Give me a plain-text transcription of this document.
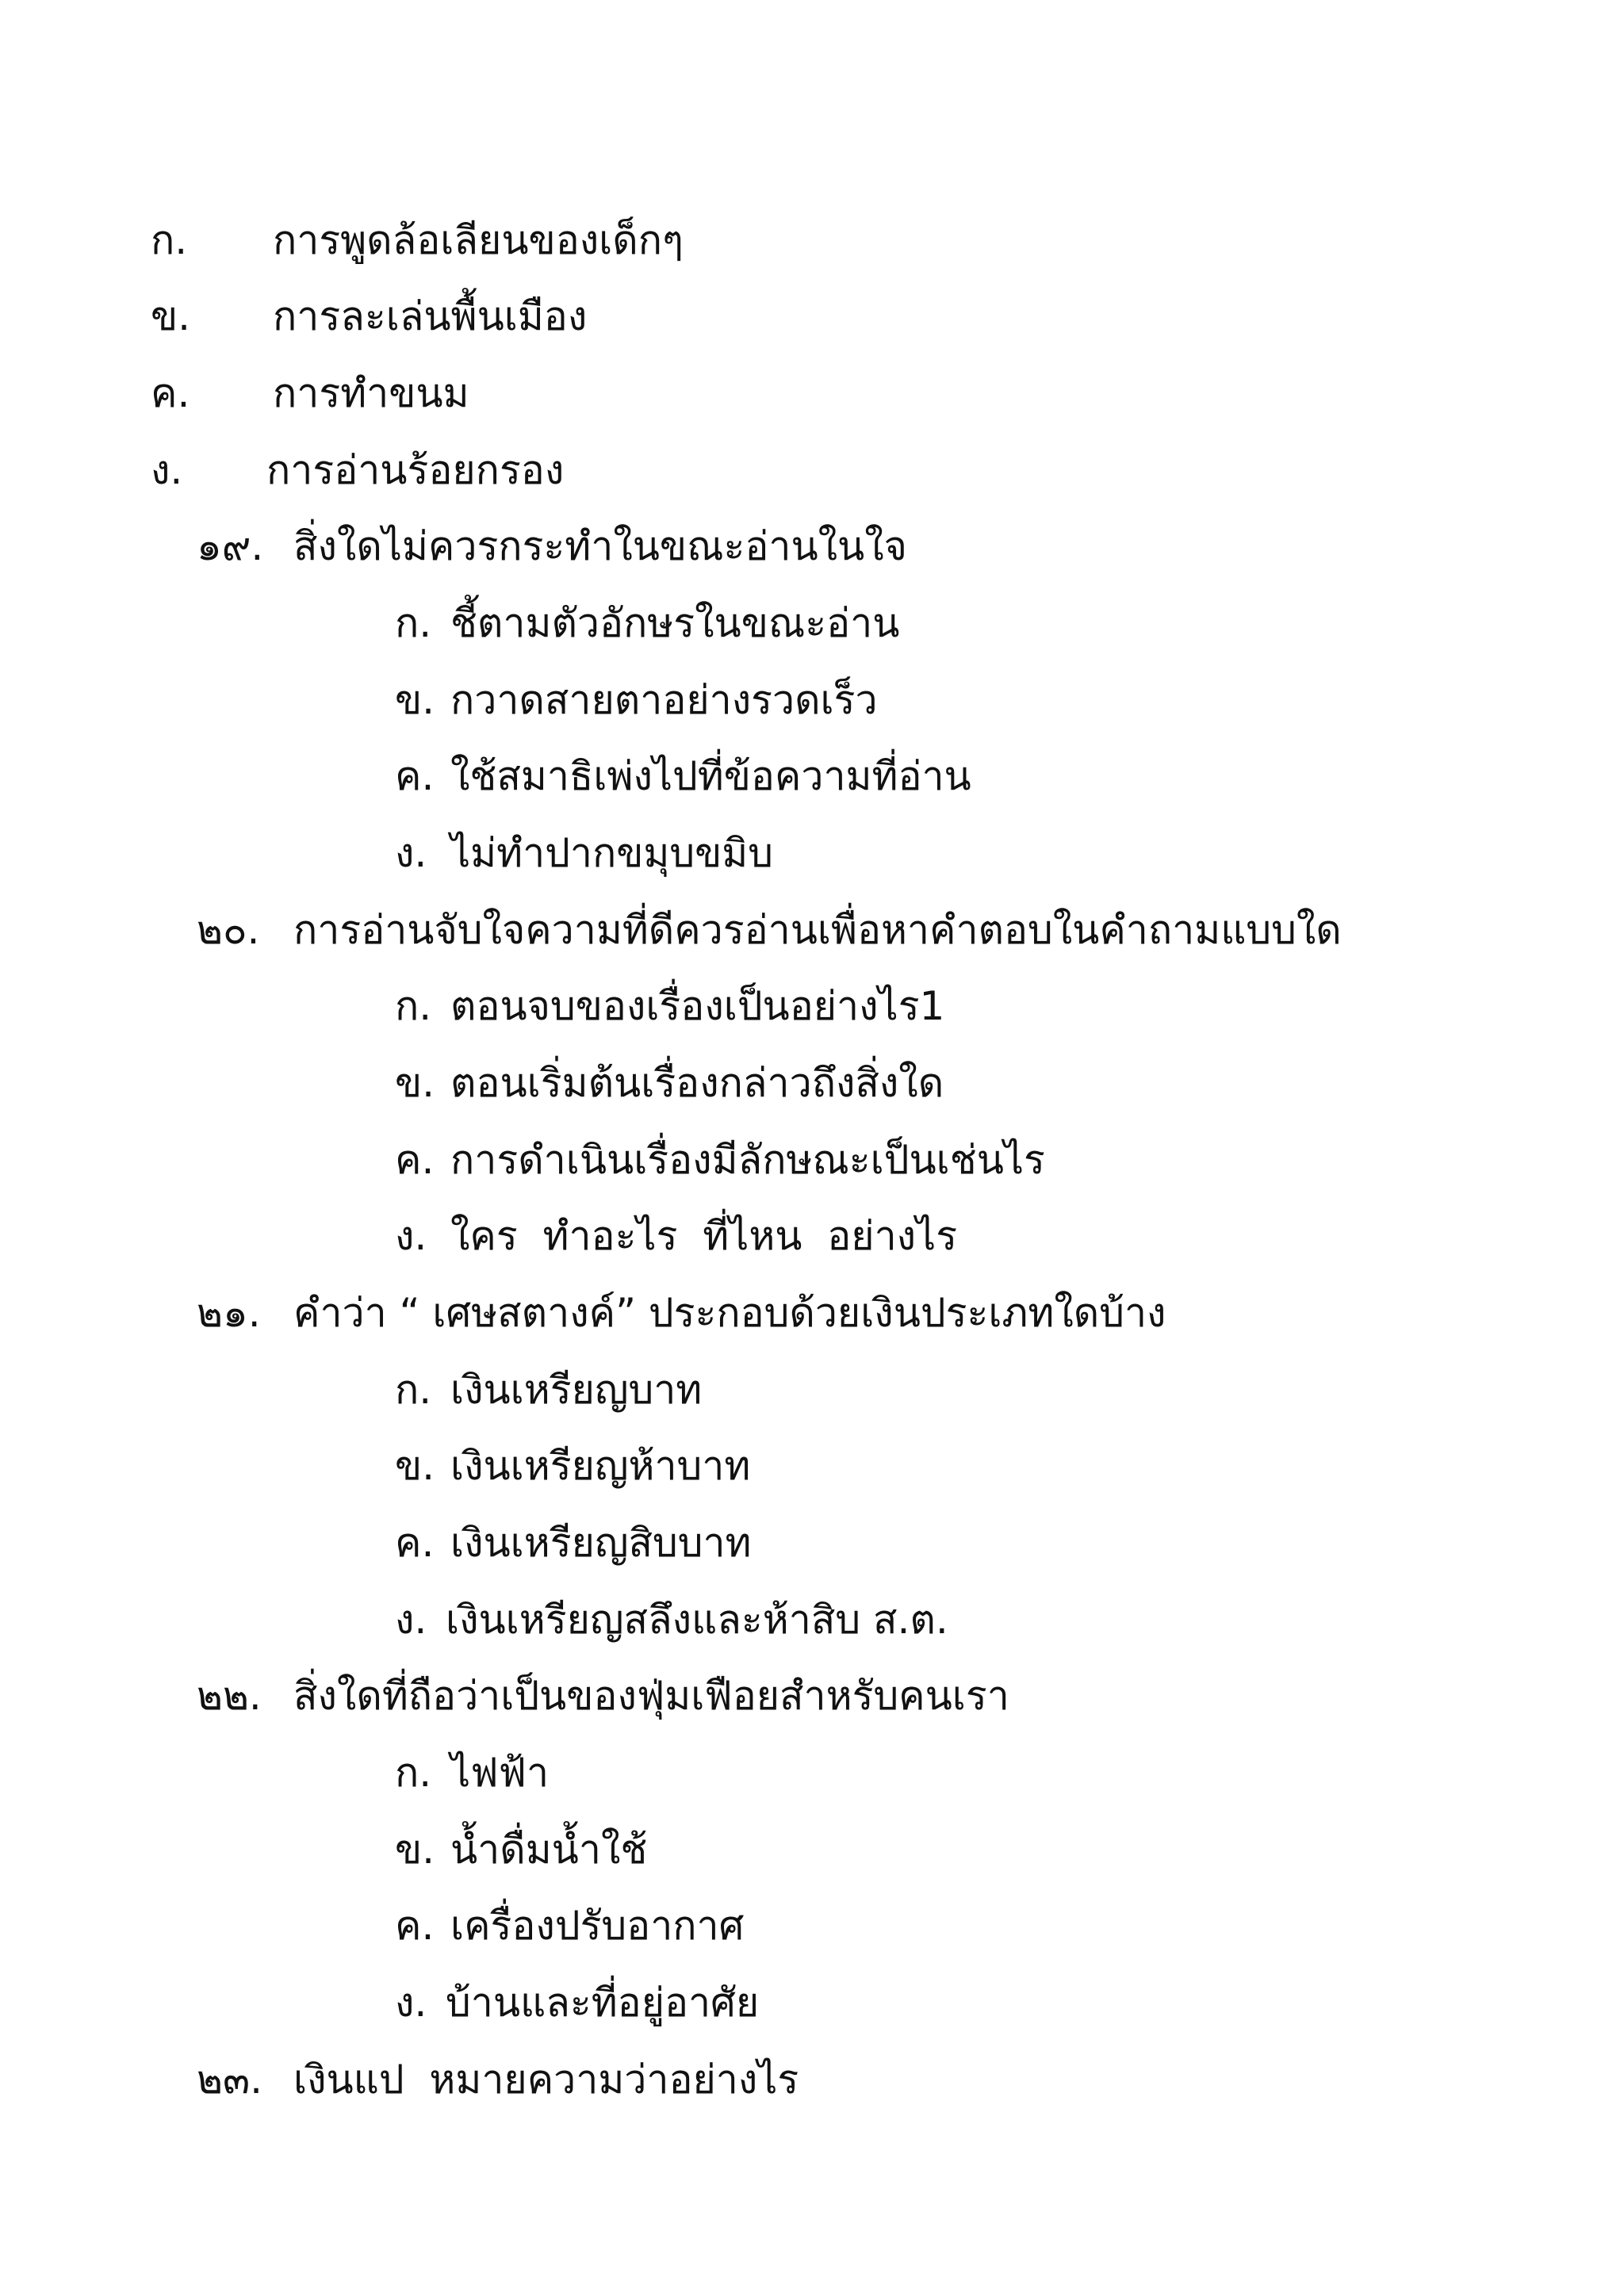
ก. การพูดล้อเลียนของเด็กๆ
ข. การละเล่นพื้นเมือง
ค. การทำขนม
ง. การอ่านร้อยกรอง
๑๙. สิ่งใดไม่ควรกระทำในขณะอ่านในใจ
ก. ชี้ตามตัวอักษรในขณะอ่าน
ข. กวาดสายตาอย่างรวดเร็ว
ค. ใช้สมาธิเพ่งไปที่ข้อความที่อ่าน
ง. ไม่ทำปากขมุบขมิบ
๒๐. การอ่านจับใจความที่ดีควรอ่านเพื่อหาคำตอบในคำถามแบบใด
ก. ตอนจบของเรื่องเป็นอย่างไร1
ข. ตอนเริ่มต้นเรื่องกล่าวถึงสิ่งใด
ค. การดำเนินเรื่องมีลักษณะเป็นเช่นไร
ง. ใคร  ทำอะไร  ที่ไหน  อย่างไร
๒๑. คำว่า “ เศษสตางค์” ประกอบด้วยเงินประเภทใดบ้าง
ก. เงินเหรียญบาท
ข. เงินเหรียญห้าบาท
ค. เงินเหรียญสิบบาท
ง. เงินเหรียญสลึงและห้าสิบ ส.ต.
๒๒. สิ่งใดที่ถือว่าเป็นของฟุ่มเฟือยสำหรับคนเรา
ก. ไฟฟ้า
ข. น้ำดื่มน้ำใช้
ค. เครื่องปรับอากาศ
ง. บ้านและที่อยู่อาศัย
๒๓. เงินแป  หมายความว่าอย่างไร
